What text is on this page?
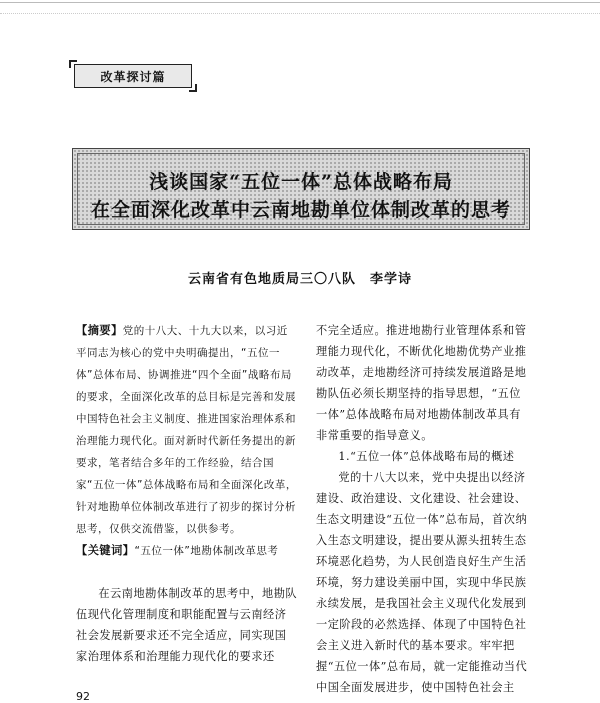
改革探讨篇
浅谈国家“五位一体”总体战略布局
在全面深化改革中云南地勘单位体制改革的思考
云南省有色地质局三〇八队　李学诗

【摘要】党的十八大、十九大以来，以习近平同志为核心的党中央明确提出，“五位一体”总体布局、协调推进“四个全面”战略布局的要求，全面深化改革的总目标是完善和发展中国特色社会主义制度、推进国家治理体系和治理能力现代化。面对新时代新任务提出的新要求，笔者结合多年的工作经验，结合国家“五位一体”总体战略布局和全面深化改革，针对地勘单位体制改革进行了初步的探讨分析思考，仅供交流借鉴，以供参考。

【关键词】“五位一体”地勘体制改革思考

在云南地勘体制改革的思考中，地勘队伍现代化管理制度和职能配置与云南经济社会发展新要求还不完全适应，同实现国家治理体系和治理能力现代化的要求还

不完全适应。推进地勘行业管理体系和管理能力现代化，不断优化地勘优势产业推动改革，走地勘经济可持续发展道路是地勘队伍必须长期坚持的指导思想，“五位一体”总体战略布局对地勘体制改革具有非常重要的指导意义。

1.“五位一体”总体战略布局的概述

党的十八大以来，党中央提出以经济建设、政治建设、文化建设、社会建设、生态文明建设“五位一体”总布局，首次纳入生态文明建设，提出要从源头扭转生态环境恶化趋势，为人民创造良好生产生活环境，努力建设美丽中国，实现中华民族永续发展，是我国社会主义现代化发展到一定阶段的必然选择、体现了中国特色社会主义进入新时代的基本要求。牢牢把握“五位一体”总布局，就一定能推动当代中国全面发展进步，使中国特色社会主

92
